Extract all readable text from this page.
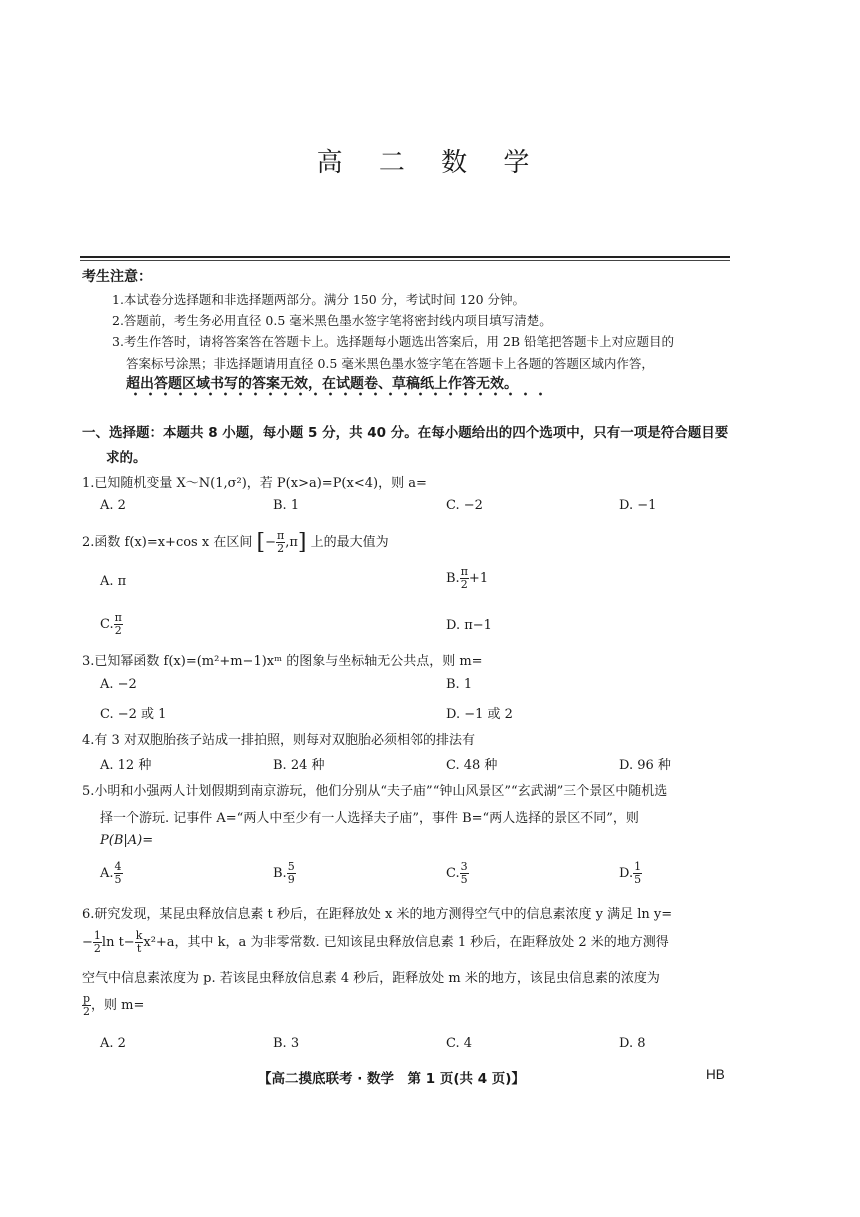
高 二 数 学
考生注意：
1.本试卷分选择题和非选择题两部分。满分 150 分，考试时间 120 分钟。
2.答题前，考生务必用直径 0.5 毫米黑色墨水签字笔将密封线内项目填写清楚。
3.考生作答时，请将答案答在答题卡上。选择题每小题选出答案后，用 2B 铅笔把答题卡上对应题目的
答案标号涂黑；非选择题请用直径 0.5 毫米黑色墨水签字笔在答题卡上各题的答题区域内作答，
超出答题区域书写的答案无效，在试题卷、草稿纸上作答无效。
一、选择题：本题共 8 小题，每小题 5 分，共 40 分。在每小题给出的四个选项中，只有一项是符合题目要
求的。
1.已知随机变量 X～N(1,σ²)，若 P(x>a)=P(x<4)，则 a=
A. 2	B. 1	C. −2	D. −1
2.函数 f(x)=x+cos x 在区间 [− $\frac{\pi}{2} ,\pi$] 上的最大值为
A. π	B. $\frac{\pi}{2} +1$
C. $\frac{\pi}{2}$	D. π−1
3.已知幂函数 f(x)=(m²+m−1)xᵐ 的图象与坐标轴无公共点，则 m=
A. −2	B. 1
C. −2 或 1	D. −1 或 2
4.有 3 对双胞胎孩子站成一排拍照，则每对双胞胎必须相邻的排法有
A. 12 种	B. 24 种	C. 48 种	D. 96 种
5.小明和小强两人计划假期到南京游玩，他们分别从“夫子庙”“钟山风景区”“玄武湖”三个景区中随机选
择一个游玩. 记事件 A=“两人中至少有一人选择夫子庙”，事件 B=“两人选择的景区不同”，则
P(B|A)=
A. $\frac{4}{5}$	B. $\frac{5}{9}$	C. $\frac{3}{5}$	D. $\frac{1}{5}$
6.研究发现，某昆虫释放信息素 t 秒后，在距释放处 x 米的地方测得空气中的信息素浓度 y 满足 ln y=
− $\frac{1}{2}$ $\ln t- \frac{k}{t} x^2+a$，其中 k，a 为非零常数. 已知该昆虫释放信息素 1 秒后，在距释放处 2 米的地方测得
空气中信息素浓度为 p. 若该昆虫释放信息素 4 秒后，距释放处 m 米的地方，该昆虫信息素的浓度为
$\frac{p}{2}$ ，则 m=
A. 2	B. 3	C. 4	D. 8
【高二摸底联考 · 数学　第 1 页(共 4 页)】	HB
